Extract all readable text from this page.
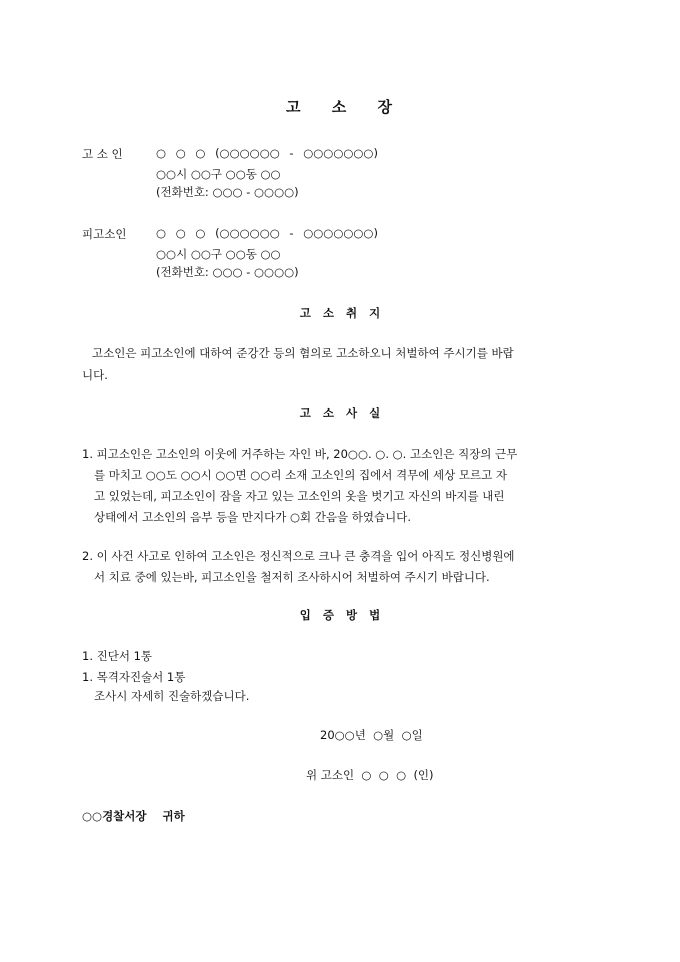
고 소 장
고 소 인	○ ○ ○ (○○○○○○ - ○○○○○○○)
○○시 ○○구 ○○동 ○○
(전화번호: ○○○ - ○○○○)
피고소인	○ ○ ○ (○○○○○○ - ○○○○○○○)
○○시 ○○구 ○○동 ○○
(전화번호: ○○○ - ○○○○)
고 소 취 지
고소인은 피고소인에 대하여 준강간 등의 혐의로 고소하오니 처벌하여 주시기를 바랍
니다.
고 소 사 실
1. 피고소인은 고소인의 이웃에 거주하는 자인 바, 20○○. ○. ○. 고소인은 직장의 근무
를 마치고 ○○도 ○○시 ○○면 ○○리 소재 고소인의 집에서 격무에 세상 모르고 자
고 있었는데, 피고소인이 잠을 자고 있는 고소인의 옷을 벗기고 자신의 바지를 내린
상태에서 고소인의 음부 등을 만지다가 ○회 간음을 하였습니다.
2. 이 사건 사고로 인하여 고소인은 정신적으로 크나 큰 충격을 입어 아직도 정신병원에
서 치료 중에 있는바, 피고소인을 철저히 조사하시어 처벌하여 주시기 바랍니다.
입 증 방 법
1. 진단서 1통
1. 목격자진술서 1통
조사시 자세히 진술하겠습니다.
20○○년  ○월  ○일
위 고소인  ○  ○  ○  (인)
○○경찰서장    귀하
